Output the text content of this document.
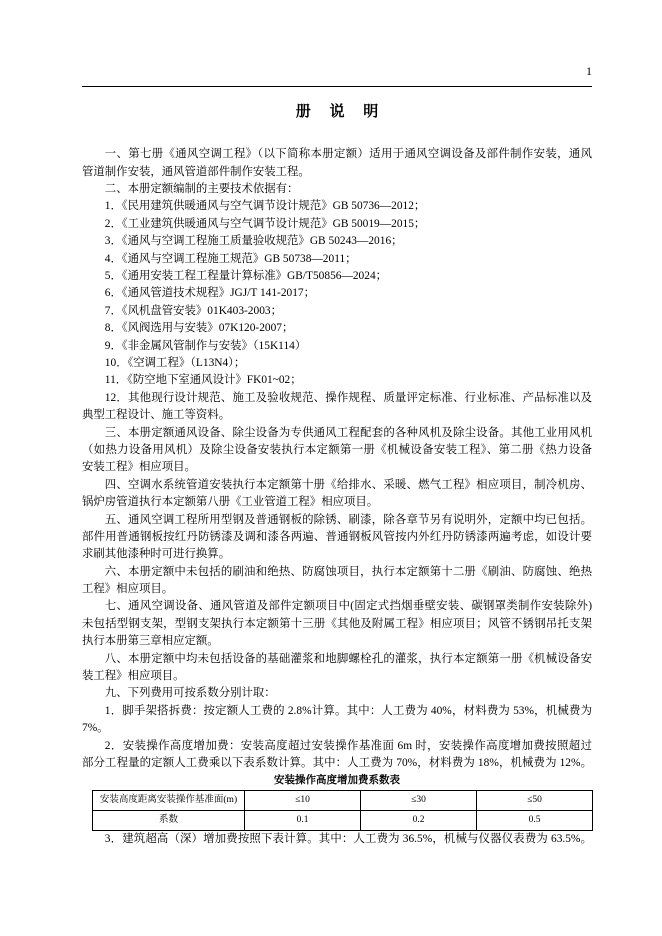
1
册 说 明
一、第七册《通风空调工程》（以下简称本册定额）适用于通风空调设备及部件制作安装，通风
管道制作安装，通风管道部件制作安装工程。
二、本册定额编制的主要技术依据有：
1．《民用建筑供暖通风与空气调节设计规范》GB 50736—2012；
2．《工业建筑供暖通风与空气调节设计规范》GB 50019—2015；
3．《通风与空调工程施工质量验收规范》GB 50243—2016；
4．《通风与空调工程施工规范》GB 50738—2011；
5．《通用安装工程工程量计算标准》GB/T50856—2024；
6．《通风管道技术规程》JGJ/T 141-2017；
7．《风机盘管安装》01K403-2003；
8．《风阀选用与安装》07K120-2007；
9．《非金属风管制作与安装》（15K114）
10．《空调工程》（L13N4）；
11．《防空地下室通风设计》FK01~02；
12．其他现行设计规范、施工及验收规范、操作规程、质量评定标准、行业标准、产品标准以及
典型工程设计、施工等资料。
三、本册定额通风设备、除尘设备为专供通风工程配套的各种风机及除尘设备。其他工业用风机
（如热力设备用风机）及除尘设备安装执行本定额第一册《机械设备安装工程》、第二册《热力设备
安装工程》相应项目。
四、空调水系统管道安装执行本定额第十册《给排水、采暖、燃气工程》相应项目，制冷机房、
锅炉房管道执行本定额第八册《工业管道工程》相应项目。
五、通风空调工程所用型钢及普通钢板的除锈、刷漆，除各章节另有说明外，定额中均已包括。
部件用普通钢板按红丹防锈漆及调和漆各两遍、普通钢板风管按内外红丹防锈漆两遍考虑，如设计要
求刷其他漆种时可进行换算。
六、本册定额中未包括的刷油和绝热、防腐蚀项目，执行本定额第十二册《刷油、防腐蚀、绝热
工程》相应项目。
七、通风空调设备、通风管道及部件定额项目中(固定式挡烟垂壁安装、碳钢罩类制作安装除外)
未包括型钢支架，型钢支架执行本定额第十三册《其他及附属工程》相应项目；风管不锈钢吊托支架
执行本册第三章相应定额。
八、本册定额中均未包括设备的基础灌浆和地脚螺栓孔的灌浆，执行本定额第一册《机械设备安
装工程》相应项目。
九、下列费用可按系数分别计取：
1．脚手架搭拆费：按定额人工费的 2.8%计算。其中：人工费为 40%，材料费为 53%，机械费为
7%。
2．安装操作高度增加费：安装高度超过安装操作基准面 6m 时，安装操作高度增加费按照超过
部分工程量的定额人工费乘以下表系数计算。其中：人工费为 70%，材料费为 18%，机械费为 12%。
安装操作高度增加费系数表
安装高度距离安装操作基准面(m)	≤10	≤30	≤50
系数	0.1	0.2	0.5
3．建筑超高（深）增加费按照下表计算。其中：人工费为 36.5%，机械与仪器仪表费为 63.5%。
